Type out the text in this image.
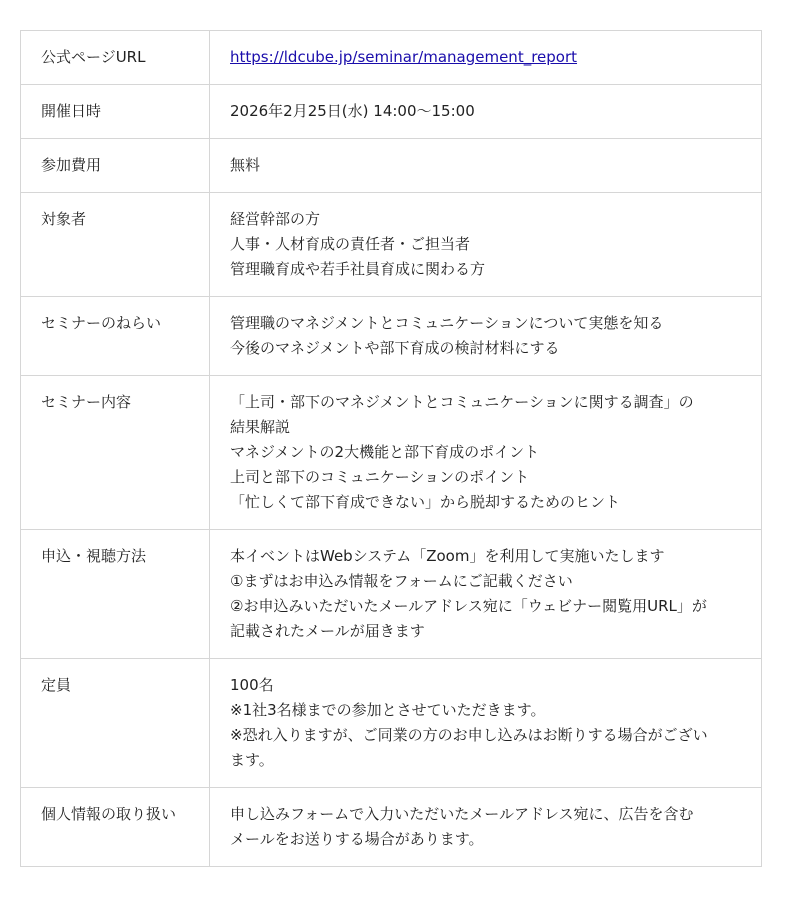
公式ページURL	https://ldcube.jp/seminar/management_report
開催日時	2026年2月25日(水) 14:00〜15:00

参加費用	無料

対象者	経営幹部の方
人事・人材育成の責任者・ご担当者
管理職育成や若手社員育成に関わる方

セミナーのねらい	管理職のマネジメントとコミュニケーションについて実態を知る
今後のマネジメントや部下育成の検討材料にする

セミナー内容	「上司・部下のマネジメントとコミュニケーションに関する調査」の
結果解説
マネジメントの2大機能と部下育成のポイント
上司と部下のコミュニケーションのポイント
「忙しくて部下育成できない」から脱却するためのヒント

申込・視聴方法	本イベントはWebシステム「Zoom」を利用して実施いたします
①まずはお申込み情報をフォームにご記載ください
②お申込みいただいたメールアドレス宛に「ウェビナー閲覧用URL」が
記載されたメールが届きます

定員	100名
※1社3名様までの参加とさせていただきます。
※恐れ入りますが、ご同業の方のお申し込みはお断りする場合がござい
ます。

個人情報の取り扱い	申し込みフォームで入力いただいたメールアドレス宛に、広告を含む
メールをお送りする場合があります。
